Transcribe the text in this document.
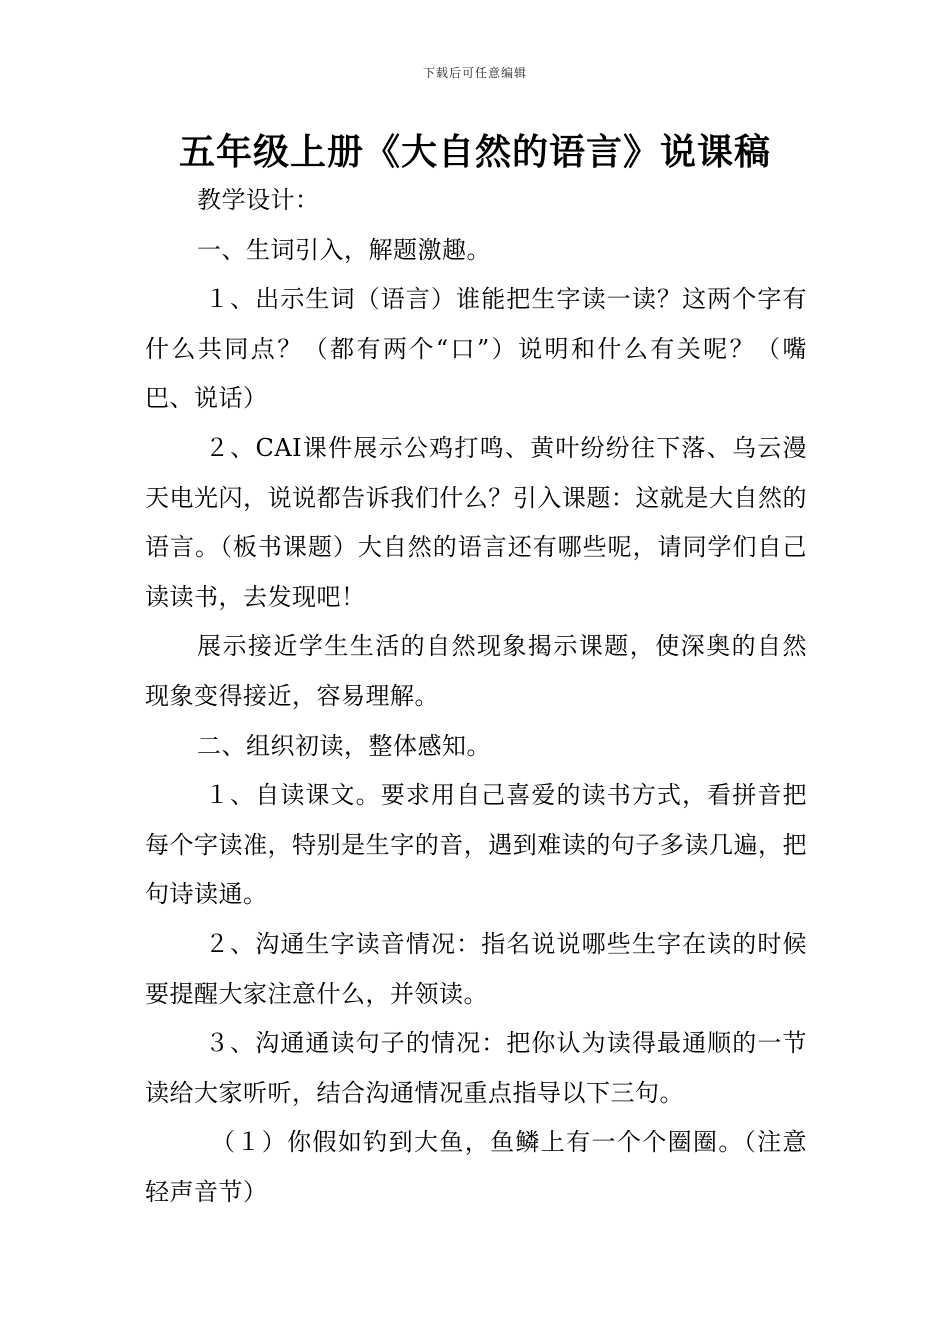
下载后可任意编辑
五年级上册《大自然的语言》说课稿

教学设计：

一、生词引入，解题激趣。

１、出示生词（语言）谁能把生字读一读？这两个字有什么共同点？（都有两个“口”）说明和什么有关呢？（嘴巴、说话）

２、CAI课件展示公鸡打鸣、黄叶纷纷往下落、乌云漫天电光闪，说说都告诉我们什么？引入课题：这就是大自然的语言。（板书课题）大自然的语言还有哪些呢，请同学们自己读读书，去发现吧！

展示接近学生生活的自然现象揭示课题，使深奥的自然现象变得接近，容易理解。

二、组织初读，整体感知。

１、自读课文。要求用自己喜爱的读书方式，看拼音把每个字读准，特别是生字的音，遇到难读的句子多读几遍，把句诗读通。

２、沟通生字读音情况：指名说说哪些生字在读的时候要提醒大家注意什么，并领读。

３、沟通通读句子的情况：把你认为读得最通顺的一节读给大家听听，结合沟通情况重点指导以下三句。

（１）你假如钓到大鱼，鱼鳞上有一个个圈圈。（注意轻声音节）
